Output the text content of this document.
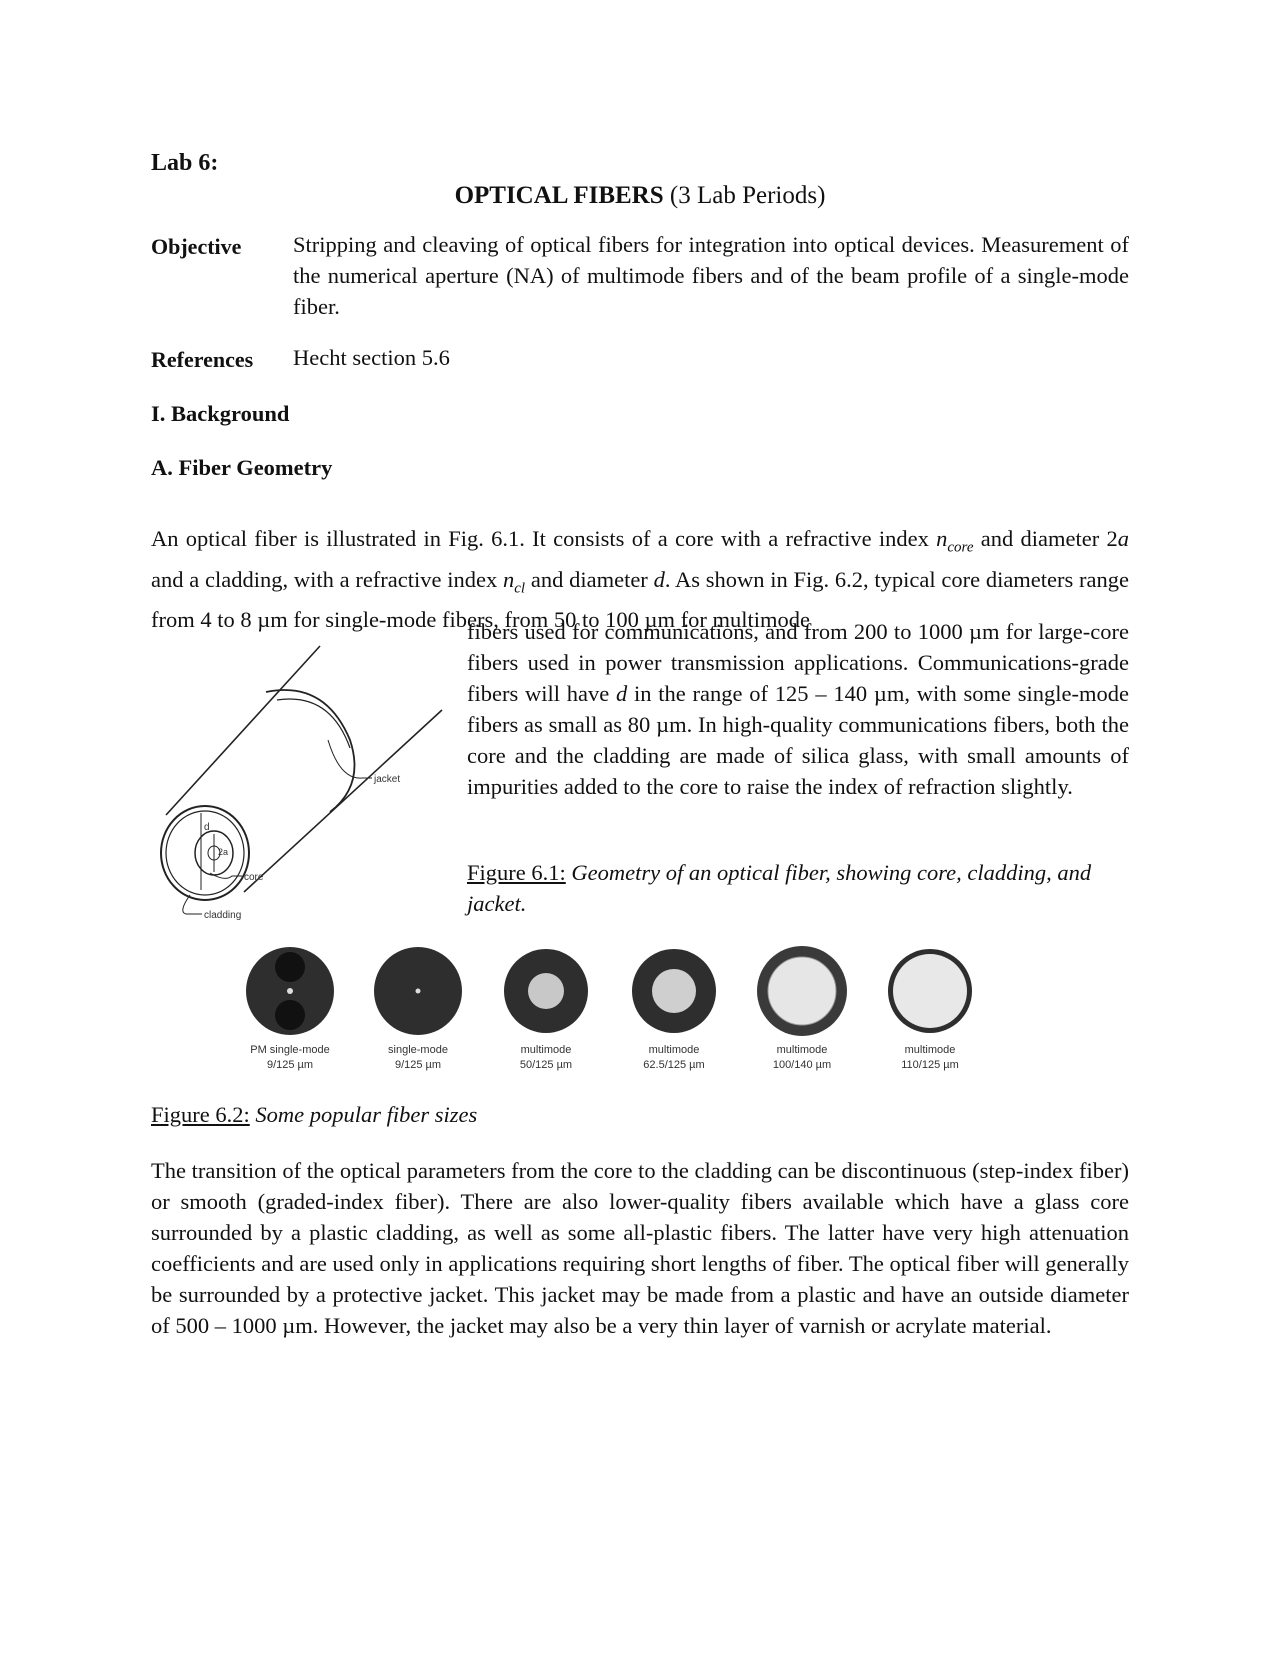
Lab 6:
OPTICAL FIBERS (3 Lab Periods)
Objective Stripping and cleaving of optical fibers for integration into optical devices. Measurement of the numerical aperture (NA) of multimode fibers and of the beam profile of a single-mode fiber.
References Hecht section 5.6
I. Background
A. Fiber Geometry
An optical fiber is illustrated in Fig. 6.1. It consists of a core with a refractive index $n_{core}$ and diameter 2a and a cladding, with a refractive index $n_{cl}$ and diameter d. As shown in Fig. 6.2, typical core diameters range from 4 to 8 µm for single-mode fibers, from 50 to 100 µm for multimode
fibers used for communications, and from 200 to 1000 µm for large-core fibers used in power transmission applications. Communications-grade fibers will have d in the range of 125 – 140 µm, with some single-mode fibers as small as 80 µm. In high-quality communications fibers, both the core and the cladding are made of silica glass, with small amounts of impurities added to the core to raise the index of refraction slightly.
d
2a
jacket
core
cladding
Figure 6.1: Geometry of an optical fiber, showing core, cladding, and jacket.
PM single-mode
9/125 µm
single-mode
9/125 µm
multimode
50/125 µm
multimode
62.5/125 µm
multimode
100/140 µm
multimode
110/125 µm
Figure 6.2: Some popular fiber sizes
The transition of the optical parameters from the core to the cladding can be discontinuous (step-index fiber) or smooth (graded-index fiber). There are also lower-quality fibers available which have a glass core surrounded by a plastic cladding, as well as some all-plastic fibers. The latter have very high attenuation coefficients and are used only in applications requiring short lengths of fiber. The optical fiber will generally be surrounded by a protective jacket. This jacket may be made from a plastic and have an outside diameter of 500 – 1000 µm. However, the jacket may also be a very thin layer of varnish or acrylate material.
